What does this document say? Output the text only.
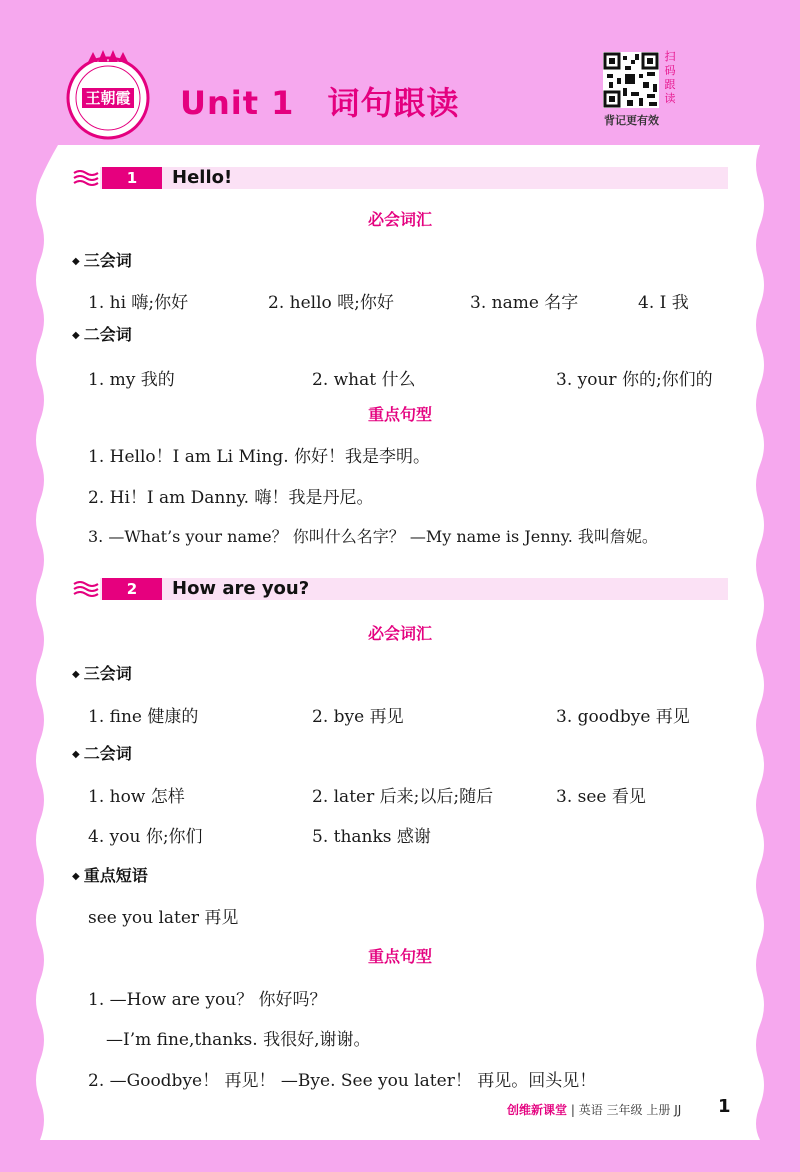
王朝霞 Unit 1　词句跟读
扫
码
跟
读
背记更有效
1	Hello!
必会词汇
◆ 三会词
1. hi 嗨;你好	2. hello 喂;你好	3. name 名字	4. I 我
◆ 二会词
1. my 我的	2. what 什么	3. your 你的;你们的
重点句型
1. Hello！I am Li Ming. 你好！我是李明。
2. Hi！I am Danny. 嗨！我是丹尼。
3. —What’s your name？ 你叫什么名字？ —My name is Jenny. 我叫詹妮。
2	How are you?
必会词汇
◆ 三会词
1. fine 健康的	2. bye 再见	3. goodbye 再见
◆ 二会词
1. how 怎样	2. later 后来;以后;随后	3. see 看见
4. you 你;你们	5. thanks 感谢
◆ 重点短语
see you later 再见
重点句型
1. —How are you？ 你好吗？
—I’m fine,thanks. 我很好,谢谢。
2. —Goodbye！ 再见！ —Bye. See you later！ 再见。回头见！
创维新课堂 | 英语 三年级 上册 JJ 1
